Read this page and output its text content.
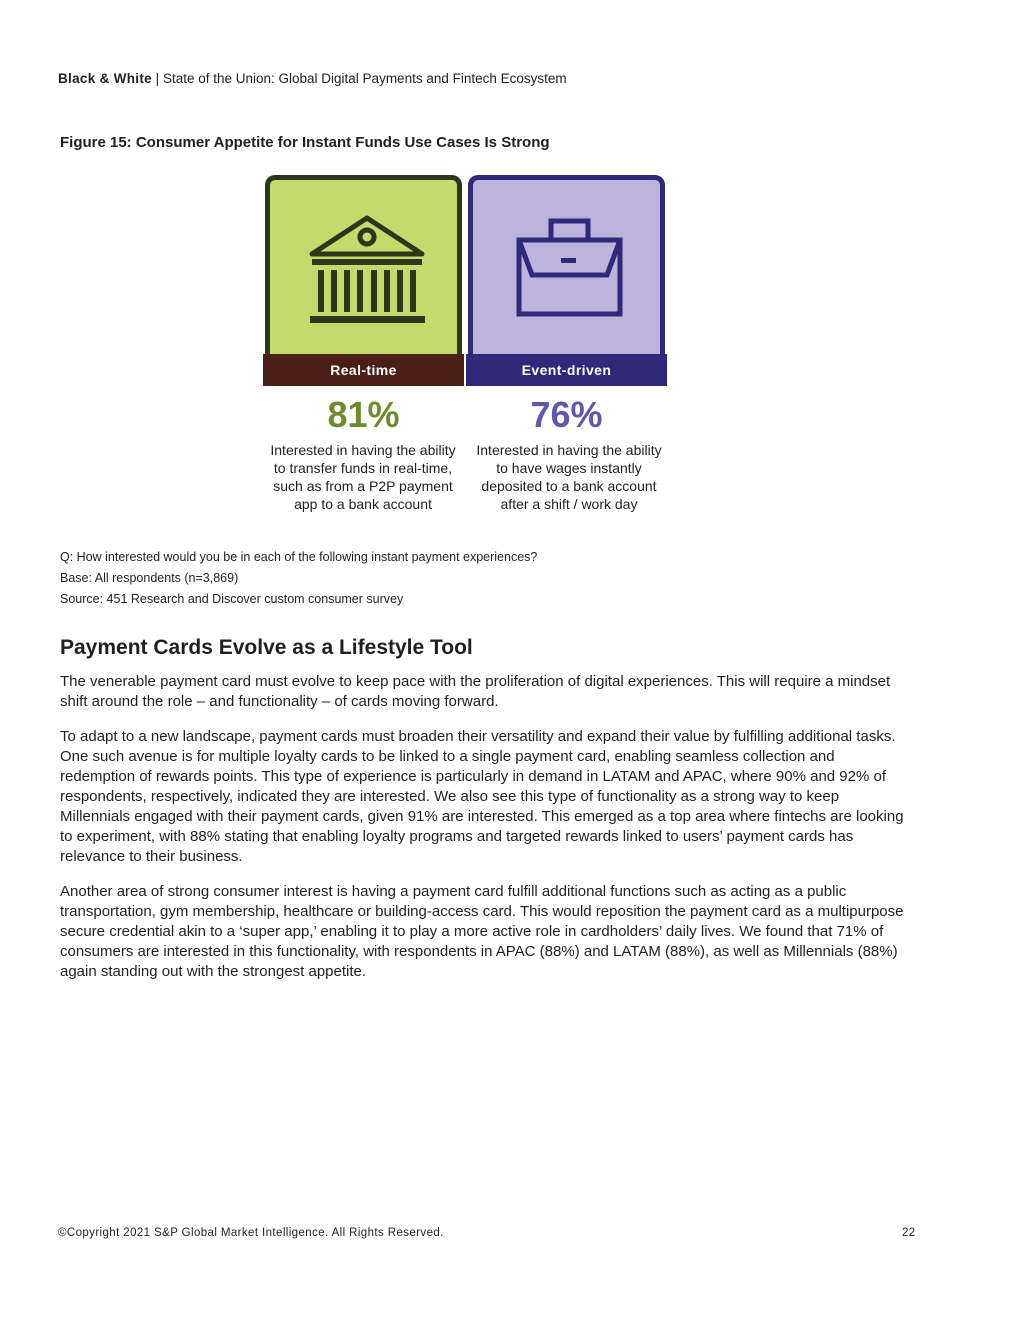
Black & White | State of the Union: Global Digital Payments and Fintech Ecosystem
Figure 15: Consumer Appetite for Instant Funds Use Cases Is Strong
Real-time
81%
Interested in having the ability to transfer funds in real-time, such as from a P2P payment app to a bank account
Event-driven
76%
Interested in having the ability to have wages instantly deposited to a bank account after a shift / work day
Q: How interested would you be in each of the following instant payment experiences?
Base: All respondents (n=3,869)
Source: 451 Research and Discover custom consumer survey
Payment Cards Evolve as a Lifestyle Tool

The venerable payment card must evolve to keep pace with the proliferation of digital experiences. This will require a mindset shift around the role – and functionality – of cards moving forward.

To adapt to a new landscape, payment cards must broaden their versatility and expand their value by fulfilling additional tasks. One such avenue is for multiple loyalty cards to be linked to a single payment card, enabling seamless collection and redemption of rewards points. This type of experience is particularly in demand in LATAM and APAC, where 90% and 92% of respondents, respectively, indicated they are interested. We also see this type of functionality as a strong way to keep Millennials engaged with their payment cards, given 91% are interested. This emerged as a top area where fintechs are looking to experiment, with 88% stating that enabling loyalty programs and targeted rewards linked to users’ payment cards has relevance to their business.

Another area of strong consumer interest is having a payment card fulfill additional functions such as acting as a public transportation, gym membership, healthcare or building-access card. This would reposition the payment card as a multipurpose secure credential akin to a ‘super app,’ enabling it to play a more active role in cardholders’ daily lives. We found that 71% of consumers are interested in this functionality, with respondents in APAC (88%) and LATAM (88%), as well as Millennials (88%) again standing out with the strongest appetite.

©Copyright 2021 S&P Global Market Intelligence. All Rights Reserved.	22
